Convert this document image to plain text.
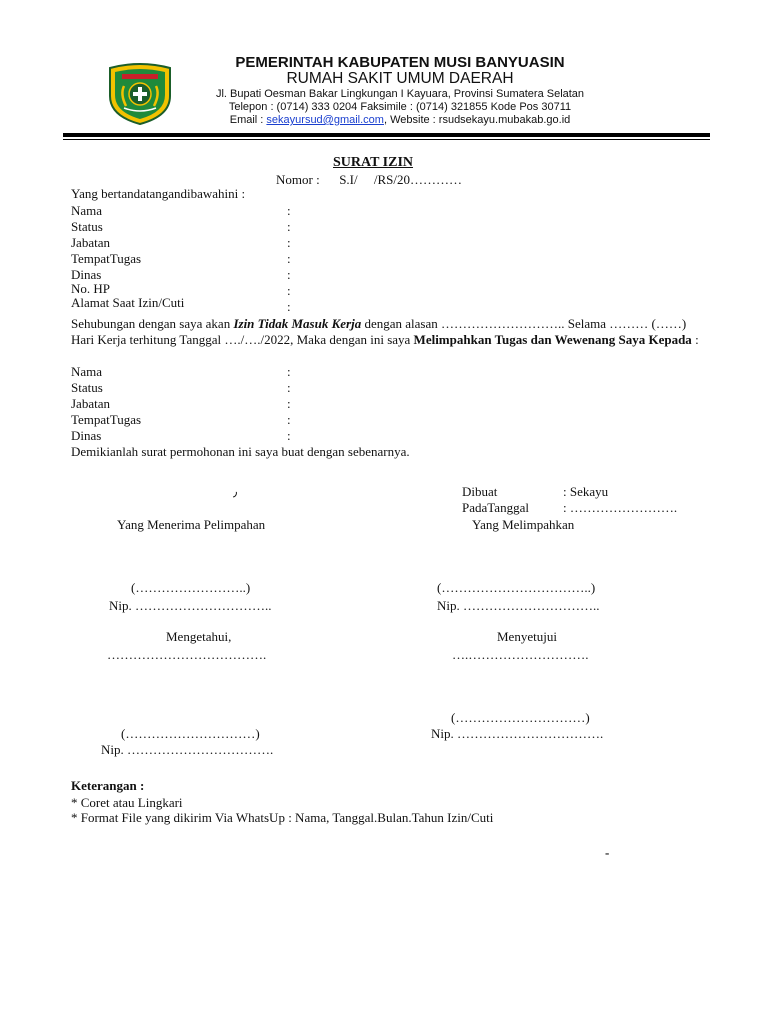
PEMERINTAH KABUPATEN MUSI BANYUASIN
RUMAH SAKIT UMUM DAERAH
Jl. Bupati Oesman Bakar Lingkungan I Kayuara, Provinsi Sumatera Selatan
Telepon : (0714) 333 0204 Faksimile : (0714) 321855 Kode Pos 30711
Email : sekayursud@gmail.com, Website : rsudsekayu.mubakab.go.id
SURAT IZIN
Nomor :      S.I/     /RS/20…………
Yang bertandatangandibawahini :
Nama	:
Status	:
Jabatan	:
TempatTugas	:
Dinas	:
No. HP	:
Alamat Saat Izin/Cuti	:
Sehubungan dengan saya akan Izin Tidak Masuk Kerja dengan alasan ……………………….. Selama ……… (……) Hari Kerja terhitung Tanggal …./…./2022, Maka dengan ini saya Melimpahkan Tugas dan Wewenang Saya Kepada :
Nama	:
Status	:
Jabatan	:
TempatTugas	:
Dinas	:
Demikianlah surat permohonan ini saya buat dengan sebenarnya.
٫	Dibuat	: Sekayu
PadaTanggal	: …………………….
Yang Menerima Pelimpahan	Yang Melimpahkan
(……………………..)
Nip. …………………………..
(……………………………..)
Nip. …………………………..
Mengetahui,	Menyetujui
……………………………….	….……………………….
(…………………………)
(…………………………)	Nip. …………………………….
Nip. …………………………….
Keterangan :
* Coret atau Lingkari
* Format File yang dikirim Via WhatsUp : Nama, Tanggal.Bulan.Tahun Izin/Cuti
-
